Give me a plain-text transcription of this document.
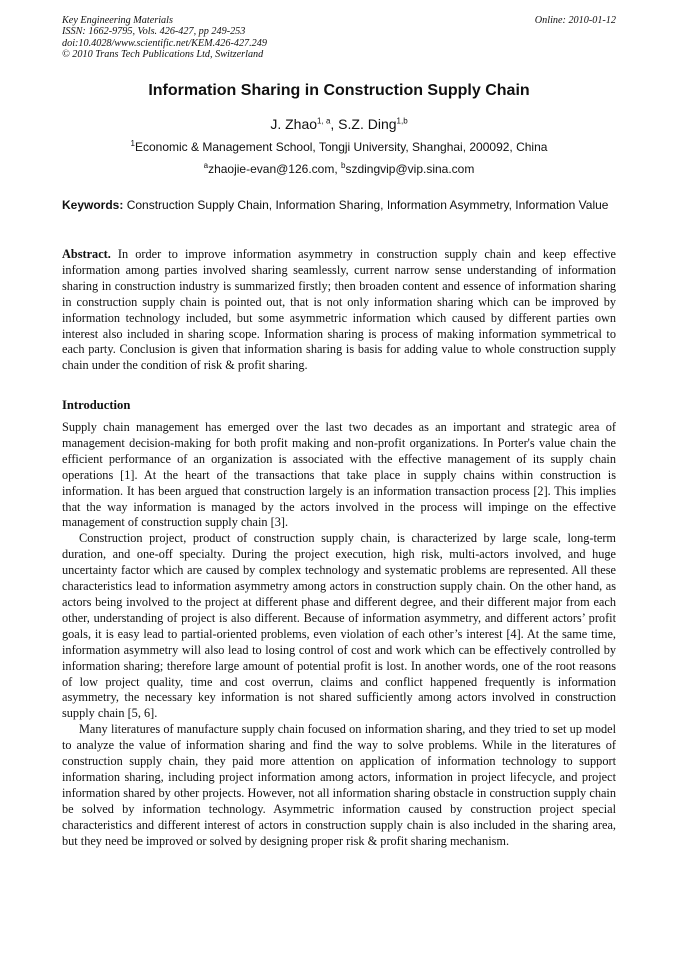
Key Engineering Materials
ISSN: 1662-9795, Vols. 426-427, pp 249-253
doi:10.4028/www.scientific.net/KEM.426-427.249
© 2010 Trans Tech Publications Ltd, Switzerland
Online: 2010-01-12
Information Sharing in Construction Supply Chain
J. Zhao$^{1, a}$, S.Z. Ding$^{1,b}$
$^1$Economic & Management School, Tongji University, Shanghai, 200092, China
$^a$zhaojie-evan@126.com, $^b$szdingvip@vip.sina.com
Keywords: Construction Supply Chain, Information Sharing, Information Asymmetry, Information Value
Abstract. In order to improve information asymmetry in construction supply chain and keep effective information among parties involved sharing seamlessly, current narrow sense understanding of information sharing in construction industry is summarized firstly; then broaden content and essence of information sharing in construction supply chain is pointed out, that is not only information sharing which can be improved by information technology included, but some asymmetric information which caused by different parties own interest also included in sharing scope. Information sharing is process of making information symmetrical to each party. Conclusion is given that information sharing is basis for adding value to whole construction supply chain under the condition of risk & profit sharing.
Introduction

Supply chain management has emerged over the last two decades as an important and strategic area of management decision-making for both profit making and non-profit organizations. In Porter's value chain the efficient performance of an organization is associated with the effective management of its supply chain operations [1]. At the heart of the transactions that take place in supply chains within construction is information. It has been argued that construction largely is an information transaction process [2]. This implies that the way information is managed by the actors involved in the process will impinge on the effective management of construction supply chain [3].

Construction project, product of construction supply chain, is characterized by large scale, long-term duration, and one-off specialty. During the project execution, high risk, multi-actors involved, and huge uncertainty factor which are caused by complex technology and systematic problems are represented. All these characteristics lead to information asymmetry among actors in construction supply chain. On the other hand, as actors being involved to the project at different phase and different degree, and their different major from each other, understanding of project is also different. Because of information asymmetry, and different actors’ profit goals, it is easy lead to partial-oriented problems, even violation of each other’s interest [4]. At the same time, information asymmetry will also lead to losing control of cost and work which can be effectively controlled by information sharing; therefore large amount of potential profit is lost. In another words, one of the root reasons of low project quality, time and cost overrun, claims and conflict happened frequently is information asymmetry, the necessary key information is not shared sufficiently among actors involved in construction supply chain [5, 6].

Many literatures of manufacture supply chain focused on information sharing, and they tried to set up model to analyze the value of information sharing and find the way to solve problems. While in the literatures of construction supply chain, they paid more attention on application of information technology to support information sharing, including project information among actors, information in project lifecycle, and project information shared by other projects. However, not all information sharing obstacle in construction supply chain be solved by information technology. Asymmetric information caused by construction project special characteristics and different interest of actors in construction supply chain is also included in the sharing area, but they need be improved or solved by designing proper risk & profit sharing mechanism.
